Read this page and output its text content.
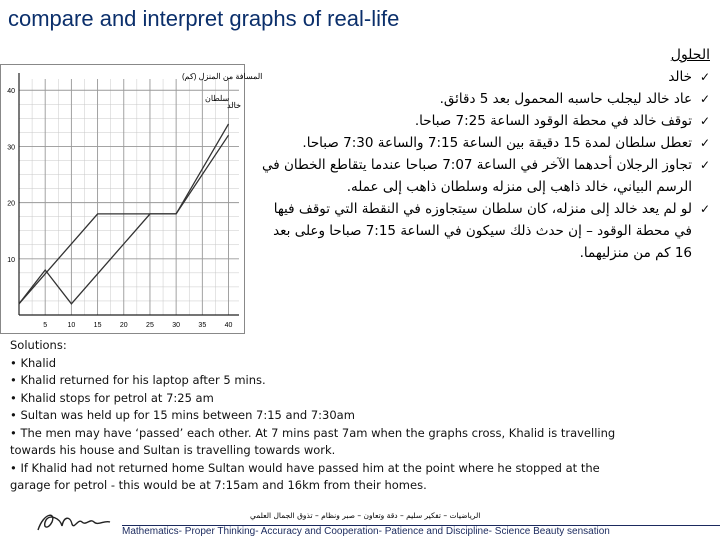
compare and interpret graphs of real-life
5	10	15	20	25	30	35	40
40
30
20
10
المسافة من المنزل (كم)
سلطان
خالد
الحلول
✓
خالد
✓
عاد خالد ليجلب حاسبه المحمول بعد 5 دقائق.
✓
توقف خالد في محطة الوقود الساعة 7:25 صباحا.
✓
تعطل سلطان لمدة 15 دقيقة بين الساعة 7:15 والساعة 7:30 صباحا.
✓
تجاوز الرجلان أحدهما الآخر في الساعة 7:07 صباحا عندما يتقاطع الخطان في الرسم البياني، خالد ذاهب إلى منزله وسلطان ذاهب إلى عمله.
✓
لو لم يعد خالد إلى منزله، كان سلطان سيتجاوزه في النقطة التي توقف فيها في محطة الوقود – إن حدث ذلك سيكون في الساعة 7:15 صباحا وعلى بعد 16 كم من منزليهما.
Solutions:
• Khalid
• Khalid returned for his laptop after 5 mins.
• Khalid stops for petrol at 7:25 am
• Sultan was held up for 15 mins between 7:15 and 7:30am
• The men may have ‘passed’ each other. At 7 mins past 7am when the graphs cross, Khalid is travelling
towards his house and Sultan is travelling towards work.
• If Khalid had not returned home Sultan would have passed him at the point where he stopped at the
garage for petrol - this would be at 7:15am and 16km from their homes.
الرياضيات – تفكير سليم – دقة وتعاون – صبر ونظام – تذوق الجمال العلمي
Mathematics- Proper Thinking- Accuracy and Cooperation- Patience and Discipline- Science Beauty sensation
